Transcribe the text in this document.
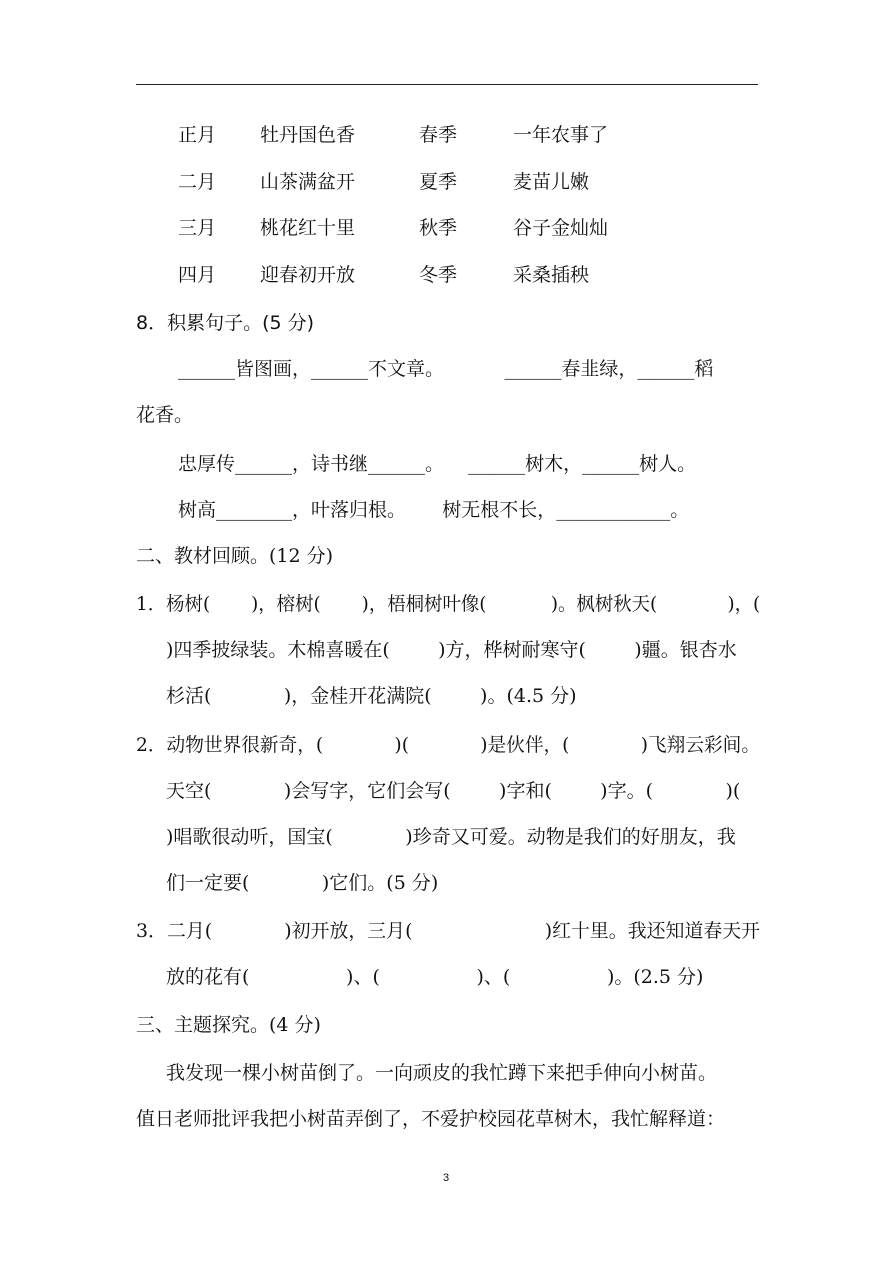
正月 牡丹国色香	春季	一年农事了
二月 山茶满盆开	夏季	麦苗儿嫩
三月 桃花红十里	秋季	谷子金灿灿
四月 迎春初开放	冬季	采桑插秧
8．积累句子。(5 分)
______皆图画，______不文章。          ______春韭绿，______稻
花香。
忠厚传______，诗书继______。    ______树木，______树人。
树高________，叶落归根。      树无根不长，____________。
二、教材回顾。(12 分)
1．杨树(       )，榕树(       )，梧桐树叶像(           )。枫树秋天(            )，(
)四季披绿装。木棉喜暖在(        )方，桦树耐寒守(        )疆。银杏水
杉活(            )，金桂开花满院(        )。(4.5 分)
2．动物世界很新奇，(            )(            )是伙伴，(            )飞翔云彩间。
天空(            )会写字，它们会写(        )字和(        )字。(            )(
)唱歌很动听，国宝(            )珍奇又可爱。动物是我们的好朋友，我
们一定要(            )它们。(5 分)
3．二月(            )初开放，三月(                      )红十里。我还知道春天开
放的花有(                )、(                )、(                )。(2.5 分)
三、主题探究。(4 分)
我发现一棵小树苗倒了。一向顽皮的我忙蹲下来把手伸向小树苗。
值日老师批评我把小树苗弄倒了，不爱护校园花草树木，我忙解释道：
3
